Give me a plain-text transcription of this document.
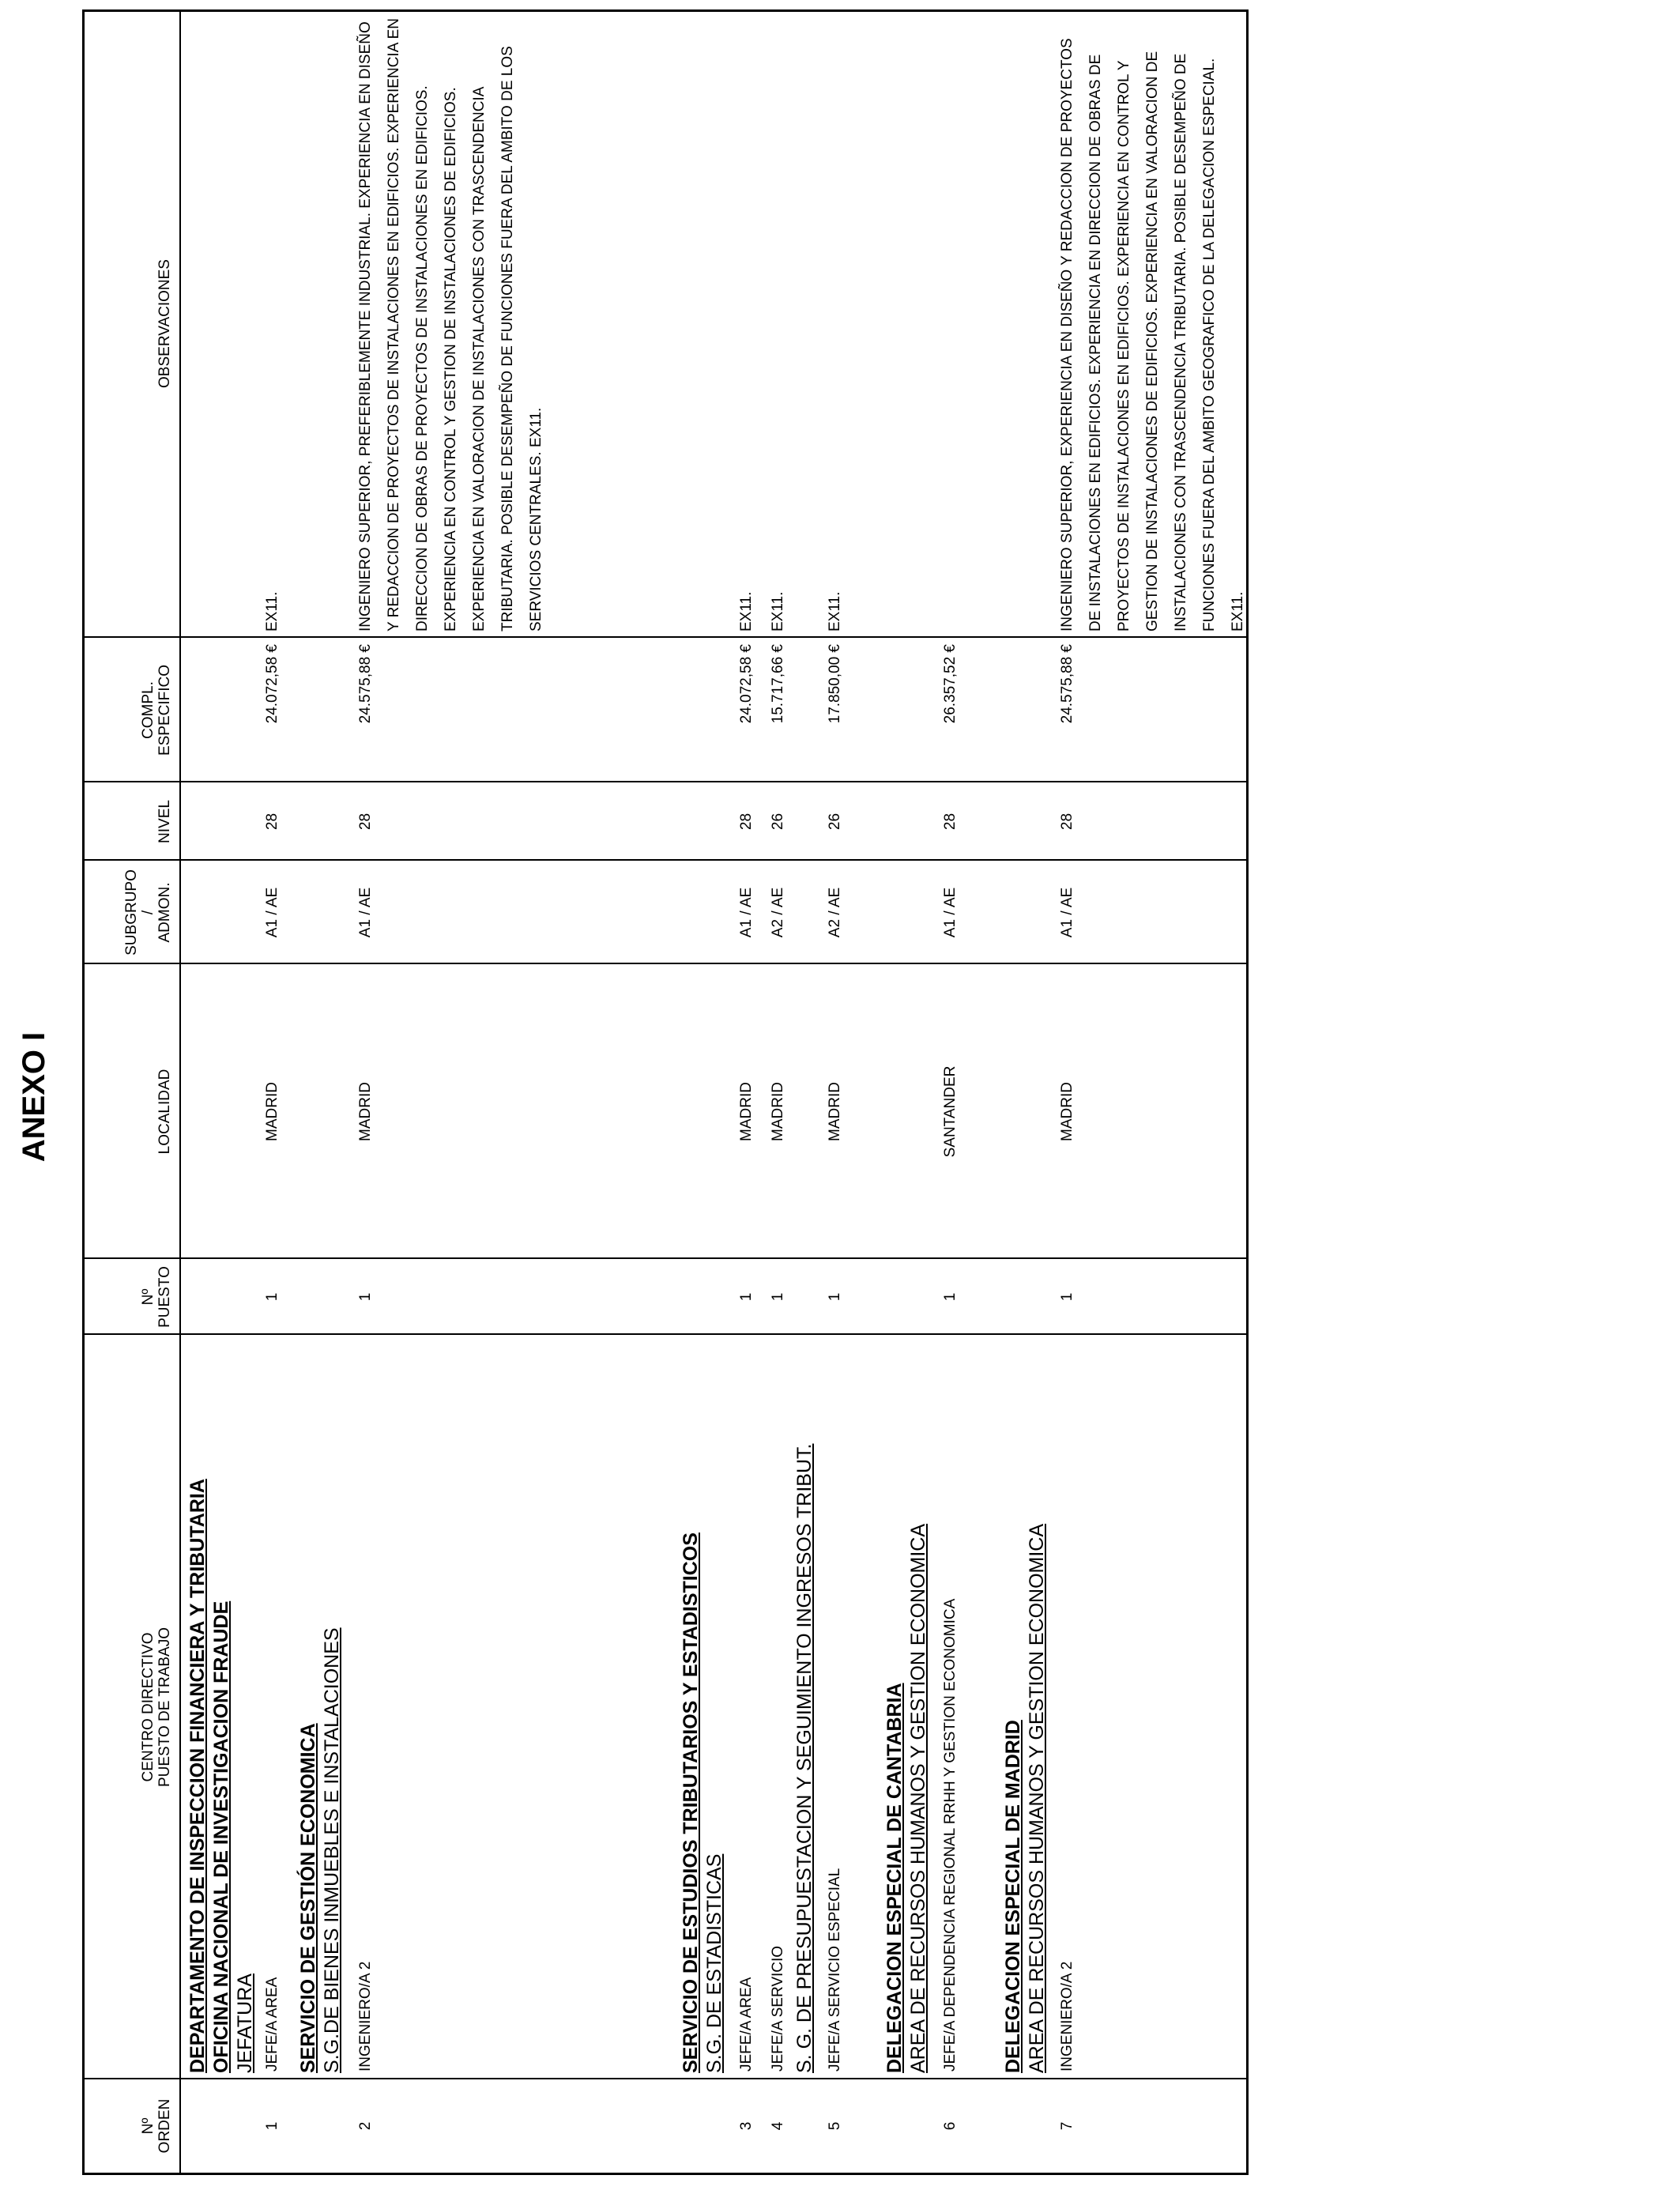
ANEXO I
Nº
ORDEN
CENTRO DIRECTIVO
PUESTO DE TRABAJO
Nº
PUESTO
LOCALIDAD
SUBGRUPO
/
ADMON.
NIVEL
COMPL.
ESPECIFICO
OBSERVACIONES
DEPARTAMENTO DE INSPECCION FINANCIERA Y TRIBUTARIA OFICINA NACIONAL DE INVESTIGACION FRAUDE JEFATURA
1
JEFE/A AREA
1
MADRID
A1 / AE
28
24.072,58 €
EX11.
SERVICIO DE GESTIÓN ECONOMICA S.G.DE BIENES INMUEBLES E INSTALACIONES
2
INGENIERO/A 2
1
MADRID
A1 / AE
28
24.575,88 €
INGENIERO SUPERIOR, PREFERIBLEMENTE INDUSTRIAL. EXPERIENCIA EN DISEÑO Y REDACCION DE PROYECTOS DE INSTALACIONES EN EDIFICIOS. EXPERIENCIA EN DIRECCION DE OBRAS DE PROYECTOS DE INSTALACIONES EN EDIFICIOS. EXPERIENCIA EN CONTROL Y GESTION DE INSTALACIONES DE EDIFICIOS. EXPERIENCIA EN VALORACION DE INSTALACIONES CON TRASCENDENCIA TRIBUTARIA. POSIBLE DESEMPEÑO DE FUNCIONES FUERA DEL AMBITO DE LOS SERVICIOS CENTRALES. EX11.
SERVICIO DE ESTUDIOS TRIBUTARIOS Y ESTADISTICOS S.G. DE ESTADISTICAS
3
JEFE/A AREA
1
MADRID
A1 / AE
28
24.072,58 €
EX11.
4
JEFE/A SERVICIO
1
MADRID
A2 / AE
26
15.717,66 €
EX11.
S. G. DE PRESUPUESTACION Y SEGUIMIENTO INGRESOS TRIBUT.
5
JEFE/A SERVICIO ESPECIAL
1
MADRID
A2 / AE
26
17.850,00 €
EX11.
DELEGACION ESPECIAL DE CANTABRIA AREA DE RECURSOS HUMANOS Y GESTION ECONOMICA
6
JEFE/A DEPENDENCIA REGIONAL RRHH Y GESTION ECONOMICA
1
SANTANDER
A1 / AE
28
26.357,52 €
DELEGACION ESPECIAL DE MADRID AREA DE RECURSOS HUMANOS Y GESTION ECONOMICA
7
INGENIERO/A 2
1
MADRID
A1 / AE
28
24.575,88 €
INGENIERO SUPERIOR, EXPERIENCIA EN DISEÑO Y REDACCION DE PROYECTOS DE INSTALACIONES EN EDIFICIOS. EXPERIENCIA EN DIRECCION DE OBRAS DE PROYECTOS DE INSTALACIONES EN EDIFICIOS. EXPERIENCIA EN CONTROL Y GESTION DE INSTALACIONES DE EDIFICIOS. EXPERIENCIA EN VALORACION DE INSTALACIONES CON TRASCENDENCIA TRIBUTARIA. POSIBLE DESEMPEÑO DE FUNCIONES FUERA DEL AMBITO GEOGRAFICO DE LA DELEGACION ESPECIAL. EX11.
